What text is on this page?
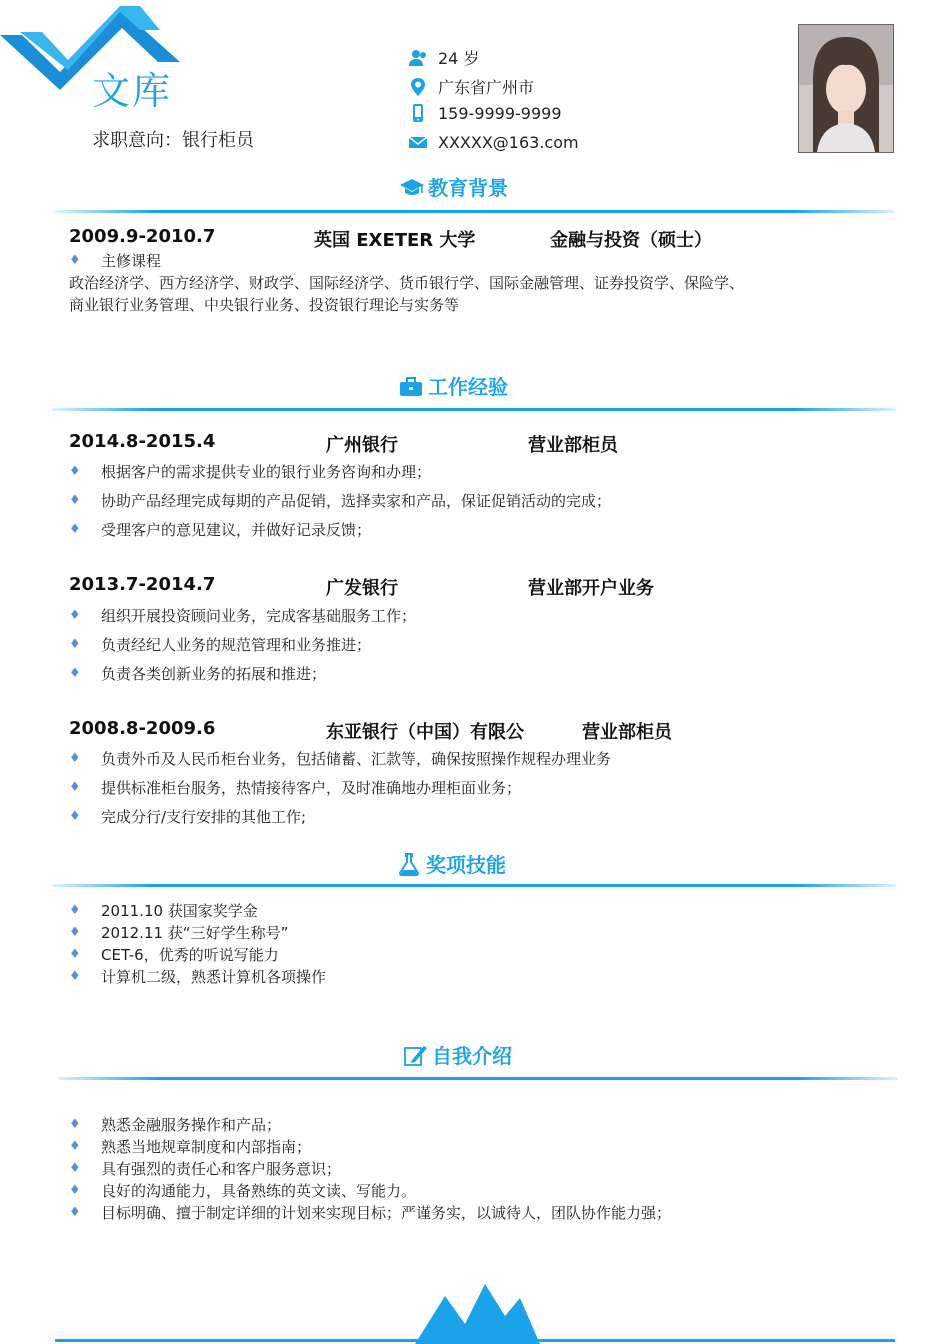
文库
求职意向：银行柜员
24 岁
广东省广州市
159-9999-9999
XXXXX@163.com
教育背景
2009.9-2010.7	英国 EXETER 大学	金融与投资（硕士）
♦	主修课程
政治经济学、西方经济学、财政学、国际经济学、货币银行学、国际金融管理、证券投资学、保险学、
商业银行业务管理、中央银行业务、投资银行理论与实务等
工作经验
2014.8-2015.4	广州银行	营业部柜员
♦	根据客户的需求提供专业的银行业务咨询和办理；
♦	协助产品经理完成每期的产品促销，选择卖家和产品，保证促销活动的完成；
♦	受理客户的意见建议，并做好记录反馈；
2013.7-2014.7	广发银行	营业部开户业务
♦	组织开展投资顾问业务，完成客基础服务工作；
♦	负责经纪人业务的规范管理和业务推进；
♦	负责各类创新业务的拓展和推进；
2008.8-2009.6	东亚银行（中国）有限公	营业部柜员
♦	负责外币及人民币柜台业务，包括储蓄、汇款等，确保按照操作规程办理业务
♦	提供标准柜台服务，热情接待客户，及时准确地办理柜面业务；
♦	完成分行/支行安排的其他工作;
奖项技能
♦	2011.10 获国家奖学金
♦	2012.11 获“三好学生称号”
♦	CET-6，优秀的听说写能力
♦	计算机二级，熟悉计算机各项操作
自我介绍
♦	熟悉金融服务操作和产品；
♦	熟悉当地规章制度和内部指南；
♦	具有强烈的责任心和客户服务意识；
♦	良好的沟通能力，具备熟练的英文读、写能力。
♦	目标明确、擅于制定详细的计划来实现目标；严谨务实，以诚待人，团队协作能力强；
